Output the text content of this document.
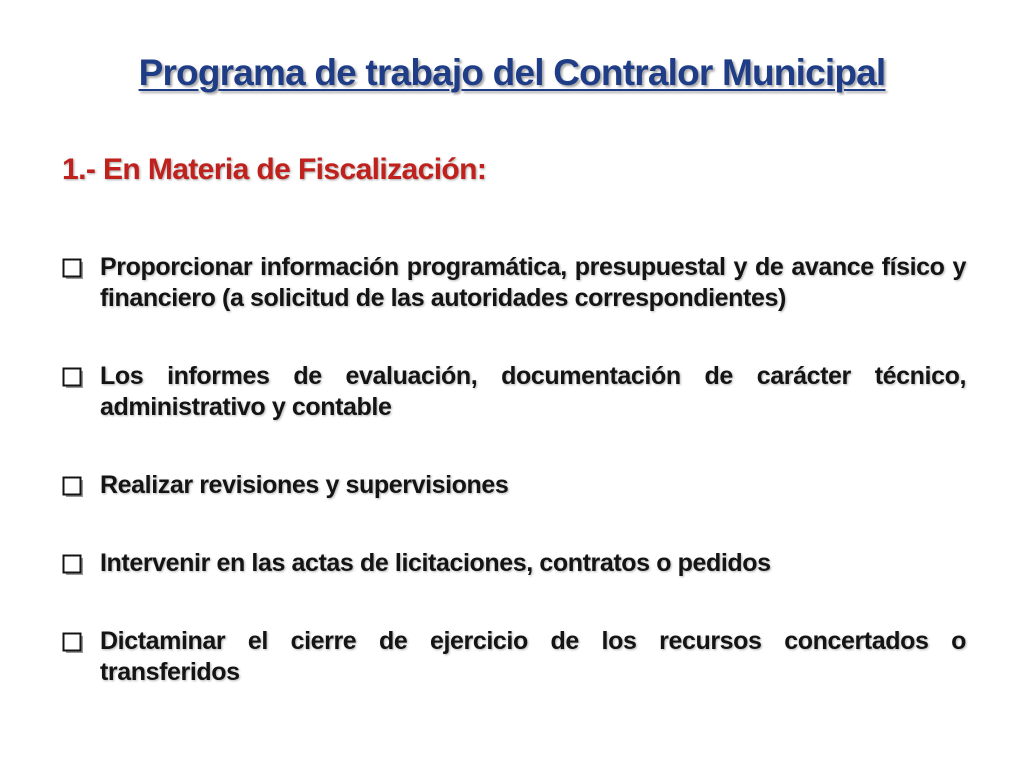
Programa de trabajo del Contralor Municipal
1.- En Materia de Fiscalización:
Proporcionar información programática, presupuestal y de avance físico y financiero (a solicitud de las autoridades correspondientes)
Los informes de evaluación, documentación de carácter técnico, administrativo y contable
Realizar revisiones y supervisiones
Intervenir en las actas de licitaciones, contratos o pedidos
Dictaminar el cierre de ejercicio de los recursos concertados o transferidos
